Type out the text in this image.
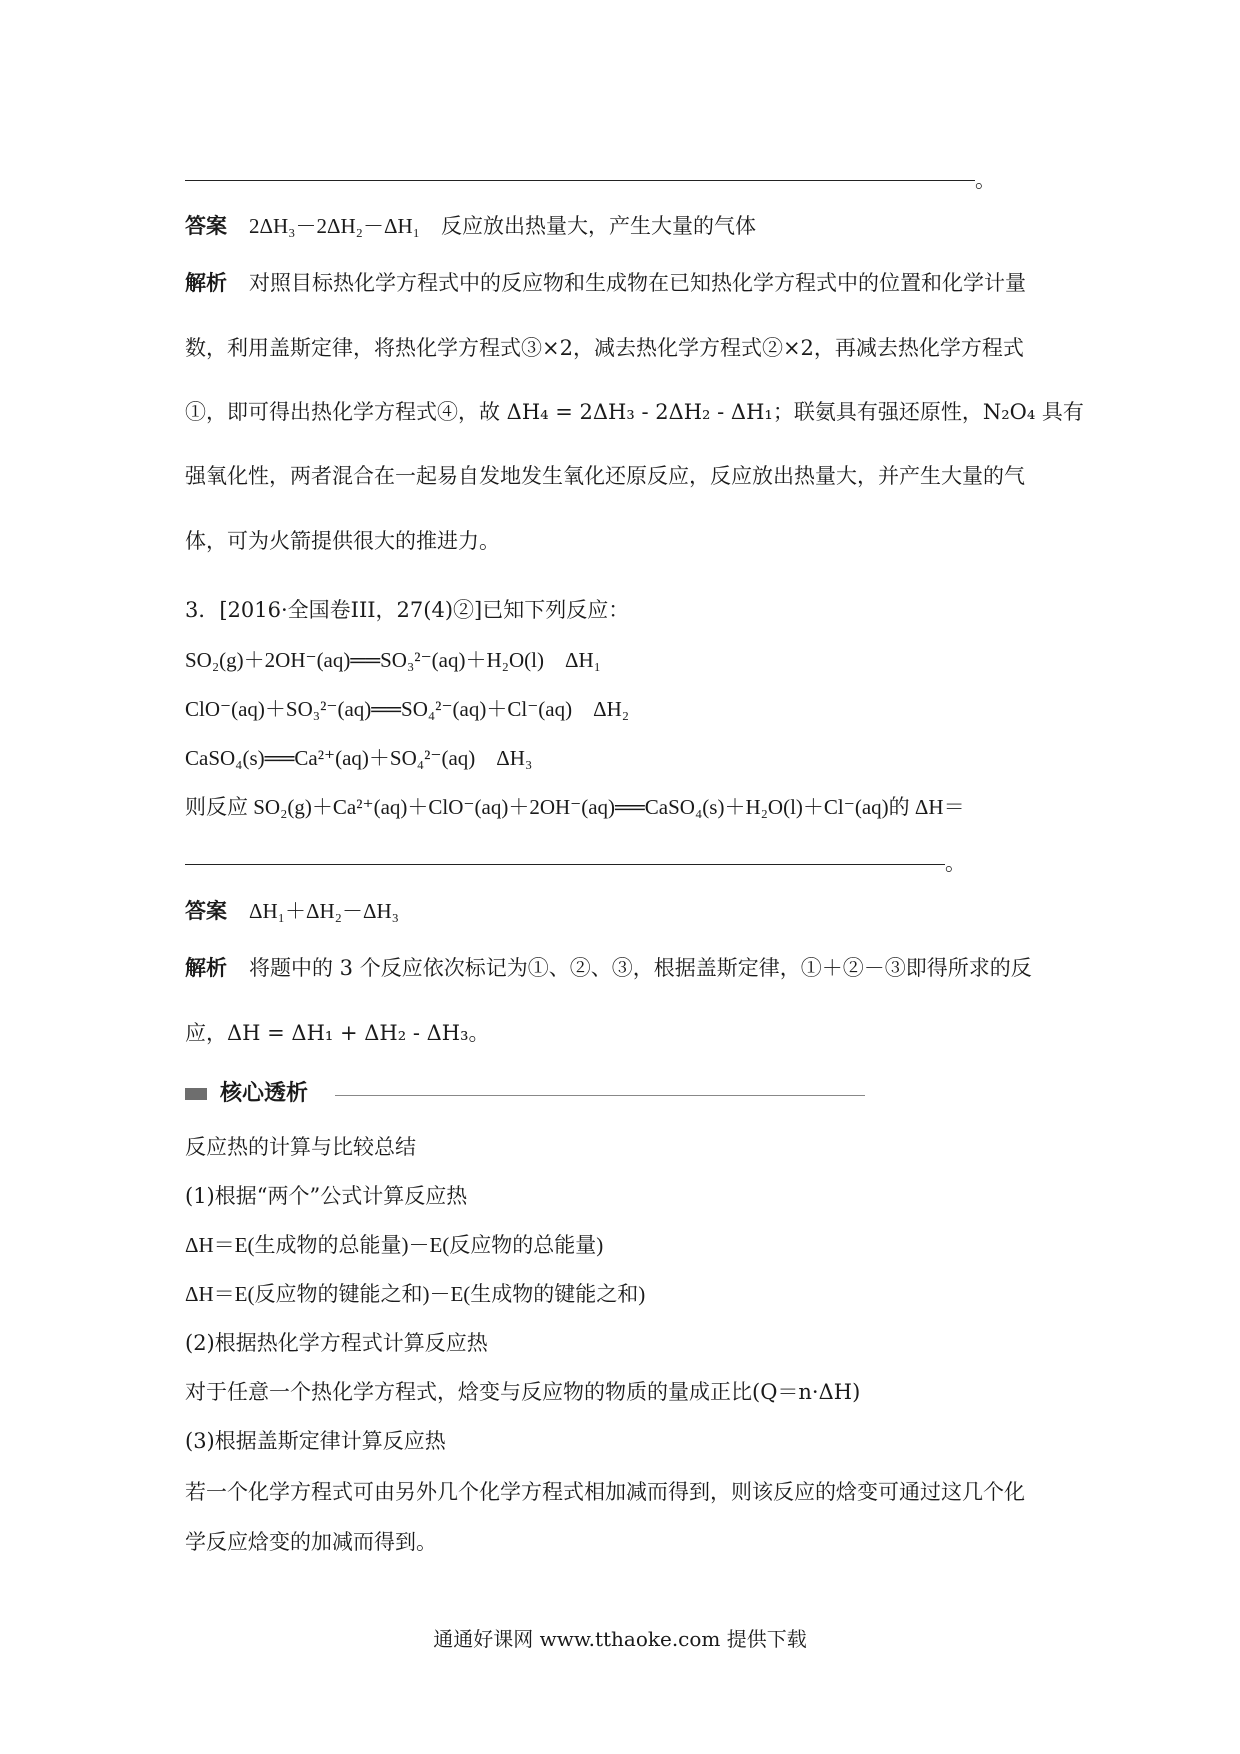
。
答案 2ΔH₃－2ΔH₂－ΔH₁　反应放出热量大，产生大量的气体
解析 对照目标热化学方程式中的反应物和生成物在已知热化学方程式中的位置和化学计量
数，利用盖斯定律，将热化学方程式③×2，减去热化学方程式②×2，再减去热化学方程式
①，即可得出热化学方程式④，故 ΔH₄ = 2ΔH₃ - 2ΔH₂ - ΔH₁；联氨具有强还原性，N₂O₄ 具有
强氧化性，两者混合在一起易自发地发生氧化还原反应，反应放出热量大，并产生大量的气
体，可为火箭提供很大的推进力。
3．[2016·全国卷III，27(4)②]已知下列反应：
SO₂(g)＋2OH⁻(aq)══SO₃²⁻(aq)＋H₂O(l)　ΔH₁
ClO⁻(aq)＋SO₃²⁻(aq)══SO₄²⁻(aq)＋Cl⁻(aq)　ΔH₂
CaSO₄(s)══Ca²⁺(aq)＋SO₄²⁻(aq)　ΔH₃
则反应 SO₂(g)＋Ca²⁺(aq)＋ClO⁻(aq)＋2OH⁻(aq)══CaSO₄(s)＋H₂O(l)＋Cl⁻(aq)的 ΔH＝
。
答案 ΔH₁＋ΔH₂－ΔH₃
解析 将题中的 3 个反应依次标记为①、②、③，根据盖斯定律，①＋②－③即得所求的反
应，ΔH = ΔH₁ + ΔH₂ - ΔH₃。
核心透析
反应热的计算与比较总结
(1)根据“两个”公式计算反应热
ΔH＝E(生成物的总能量)－E(反应物的总能量)
ΔH＝E(反应物的键能之和)－E(生成物的键能之和)
(2)根据热化学方程式计算反应热
对于任意一个热化学方程式，焓变与反应物的物质的量成正比(Q＝n·ΔH)
(3)根据盖斯定律计算反应热
若一个化学方程式可由另外几个化学方程式相加减而得到，则该反应的焓变可通过这几个化
学反应焓变的加减而得到。
通通好课网 www.tthaoke.com 提供下载
